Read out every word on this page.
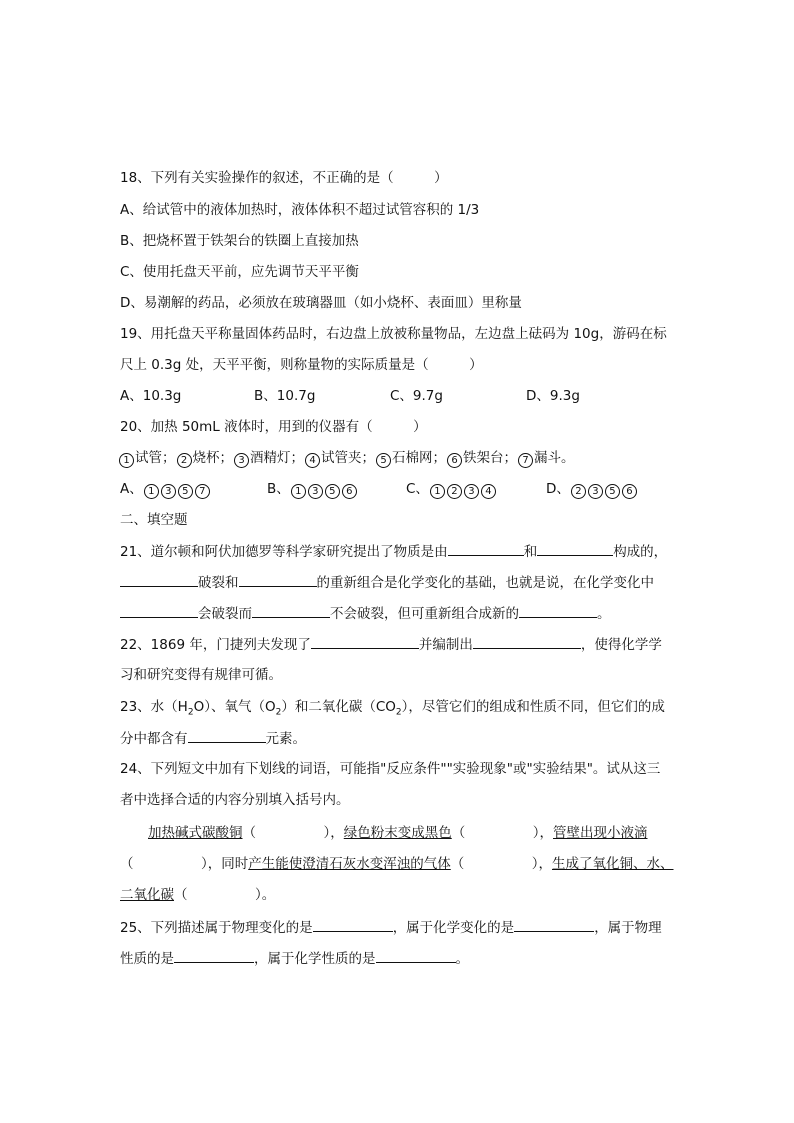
18、下列有关实验操作的叙述，不正确的是（　　　）
A、给试管中的液体加热时，液体体积不超过试管容积的 1/3
B、把烧杯置于铁架台的铁圈上直接加热
C、使用托盘天平前，应先调节天平平衡
D、易潮解的药品，必须放在玻璃器皿（如小烧杯、表面皿）里称量
19、用托盘天平称量固体药品时，右边盘上放被称量物品，左边盘上砝码为 10g，游码在标
尺上 0.3g 处，天平平衡，则称量物的实际质量是（　　　）
A、10.3g	B、10.7g	C、9.7g	D、9.3g
20、加热 50mL 液体时，用到的仪器有（　　　）
1 试管； 2 烧杯； 3 酒精灯； 4 试管夹； 5 石棉网； 6 铁架台； 7 漏斗。
A、 1 3 5 7	B、 1 3 5 6	C、 1 2 3 4	D、 2 3 5 6
二、填空题
21、道尔顿和阿伏加德罗等科学家研究提出了物质是由	和	构成的，
破裂和	的重新组合是化学变化的基础，也就是说，在化学变化中
会破裂而	不会破裂，但可重新组合成新的	。
22、1869 年，门捷列夫发现了	并编制出	，使得化学学
习和研究变得有规律可循。
23、水$(H_2O)$、氧气$(O_2)$和二氧化碳$(CO_2)$，尽管它们的组成和性质不同，但它们的成
分中都含有	元素。
24、下列短文中加有下划线的词语，可能指"反应条件""实验现象"或"实验结果"。试从这三
者中选择合适的内容分别填入括号内。
加热碱式碳酸铜（　　　　　），绿色粉末变成黑色（　　　　　），管壁出现小液滴
（　　　　　），同时产生能使澄清石灰水变浑浊的气体（　　　　　），生成了氧化铜、水、
二氧化碳（　　　　　）。
25、下列描述属于物理变化的是	，属于化学变化的是	，属于物理
性质的是	，属于化学性质的是	。
